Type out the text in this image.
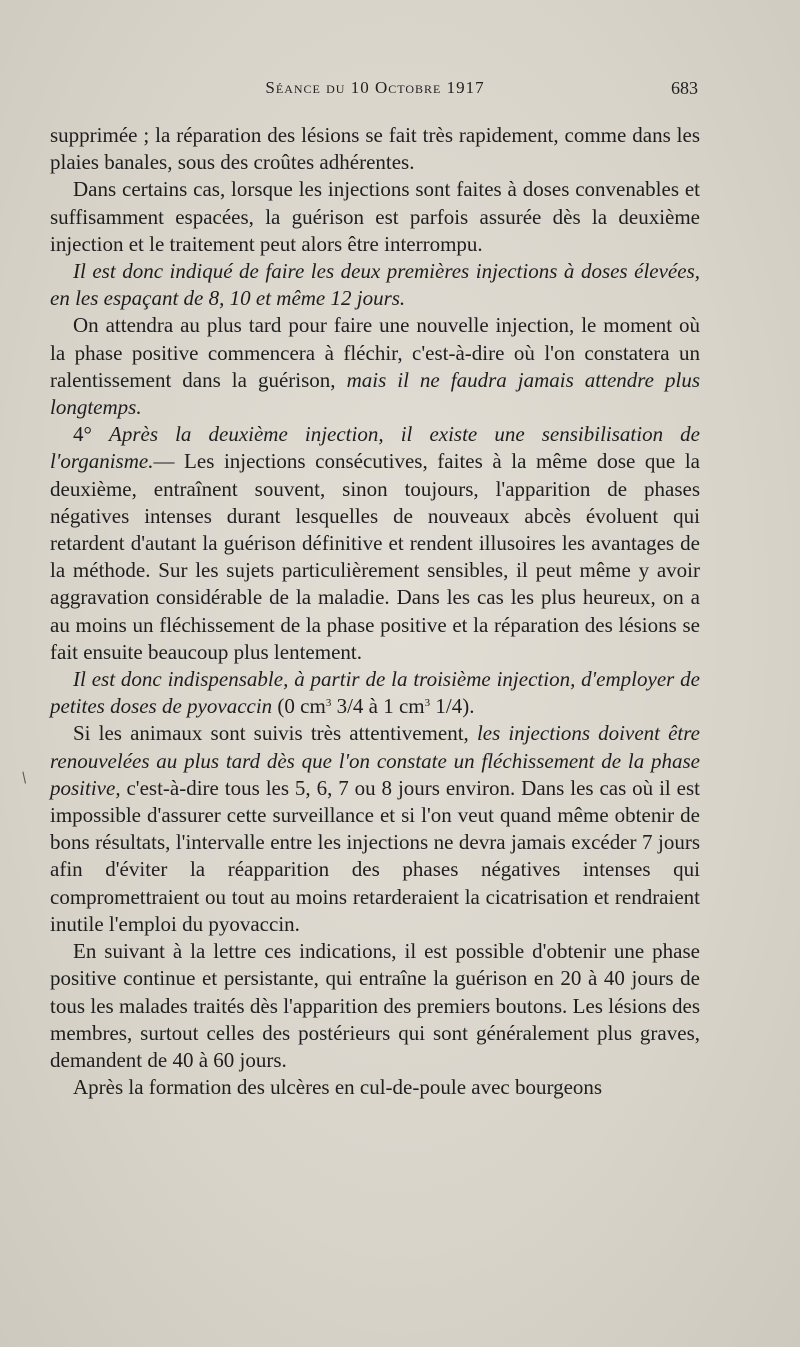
Séance du 10 Octobre 1917	683
/

supprimée ; la réparation des lésions se fait très rapidement, comme dans les plaies banales, sous des croûtes adhérentes.

Dans certains cas, lorsque les injections sont faites à doses convenables et suffisamment espacées, la guérison est parfois assurée dès la deuxième injection et le traitement peut alors être interrompu.

Il est donc indiqué de faire les deux premières injections à doses élevées, en les espaçant de 8, 10 et même 12 jours.

On attendra au plus tard pour faire une nouvelle injection, le moment où la phase positive commencera à fléchir, c'est-à-dire où l'on constatera un ralentissement dans la guérison, mais il ne faudra jamais attendre plus longtemps.

4° Après la deuxième injection, il existe une sensibilisation de l'organisme.— Les injections consécutives, faites à la même dose que la deuxième, entraînent souvent, sinon toujours, l'apparition de phases négatives intenses durant lesquelles de nouveaux abcès évoluent qui retardent d'autant la guérison définitive et rendent illusoires les avantages de la méthode. Sur les sujets particulièrement sensibles, il peut même y avoir aggravation considérable de la maladie. Dans les cas les plus heureux, on a au moins un fléchissement de la phase positive et la réparation des lésions se fait ensuite beaucoup plus lentement.

Il est donc indispensable, à partir de la troisième injection, d'employer de petites doses de pyovaccin (0 $cm^3$ 3/4 à 1 $cm^3$ 1/4).

Si les animaux sont suivis très attentivement, les injections doivent être renouvelées au plus tard dès que l'on constate un fléchissement de la phase positive, c'est-à-dire tous les 5, 6, 7 ou 8 jours environ. Dans les cas où il est impossible d'assurer cette surveillance et si l'on veut quand même obtenir de bons résultats, l'intervalle entre les injections ne devra jamais excéder 7 jours afin d'éviter la réapparition des phases négatives intenses qui compromettraient ou tout au moins retarderaient la cicatrisation et rendraient inutile l'emploi du pyovaccin.

En suivant à la lettre ces indications, il est possible d'obtenir une phase positive continue et persistante, qui entraîne la guérison en 20 à 40 jours de tous les malades traités dès l'apparition des premiers boutons. Les lésions des membres, surtout celles des postérieurs qui sont généralement plus graves, demandent de 40 à 60 jours.

Après la formation des ulcères en cul-de-poule avec bourgeons
